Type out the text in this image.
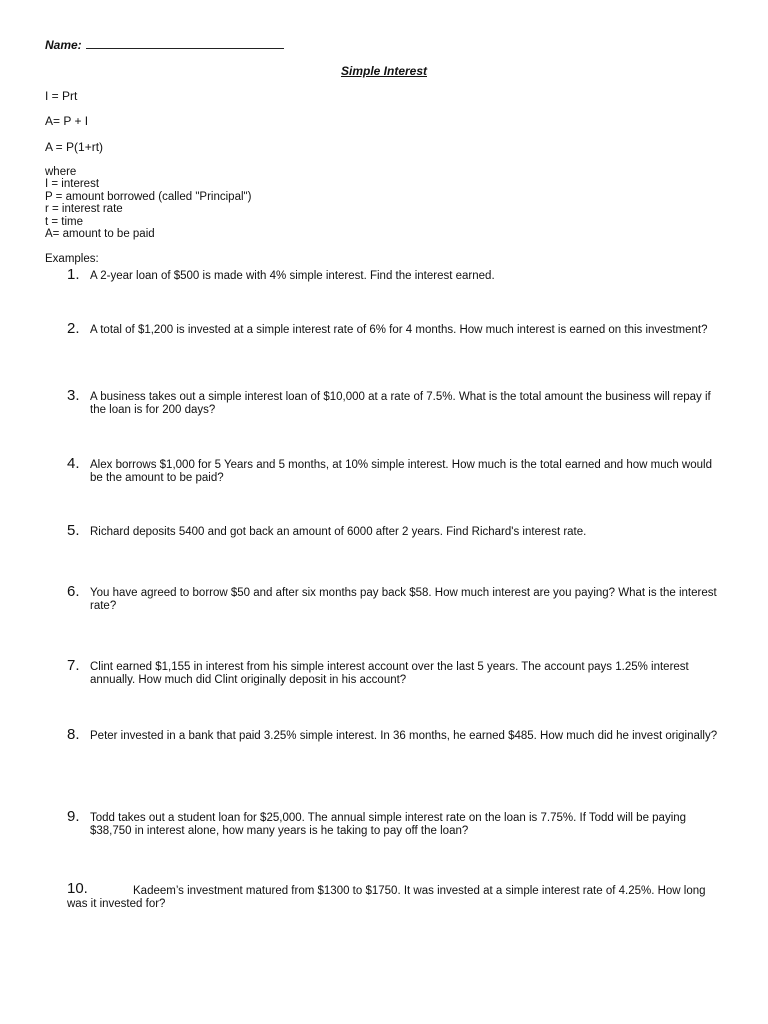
Name:
Simple Interest
I = Prt
A= P + I
A = P(1+rt)
where
I = interest
P = amount borrowed (called "Principal")
r = interest rate
t = time
A= amount to be paid
Examples:
1. A 2-year loan of $500 is made with 4% simple interest. Find the interest earned.
2. A total of $1,200 is invested at a simple interest rate of 6% for 4 months. How much interest is earned on this investment?
3. A business takes out a simple interest loan of $10,000 at a rate of 7.5%. What is the total amount the business will repay if the loan is for 200 days?
4. Alex borrows $1,000 for 5 Years and 5 months, at 10% simple interest. How much is the total earned and how much would be the amount to be paid?
5. Richard deposits 5400 and got back an amount of 6000 after 2 years. Find Richard's interest rate.
6. You have agreed to borrow $50 and after six months pay back $58. How much interest are you paying? What is the interest rate?
7. Clint earned $1,155 in interest from his simple interest account over the last 5 years. The account pays 1.25% interest annually. How much did Clint originally deposit in his account?
8. Peter invested in a bank that paid 3.25% simple interest. In 36 months, he earned $485. How much did he invest originally?
9. Todd takes out a student loan for $25,000. The annual simple interest rate on the loan is 7.75%. If Todd will be paying $38,750 in interest alone, how many years is he taking to pay off the loan?
10.	Kadeem’s investment matured from $1300 to $1750. It was invested at a simple interest rate of 4.25%. How long was it invested for?
